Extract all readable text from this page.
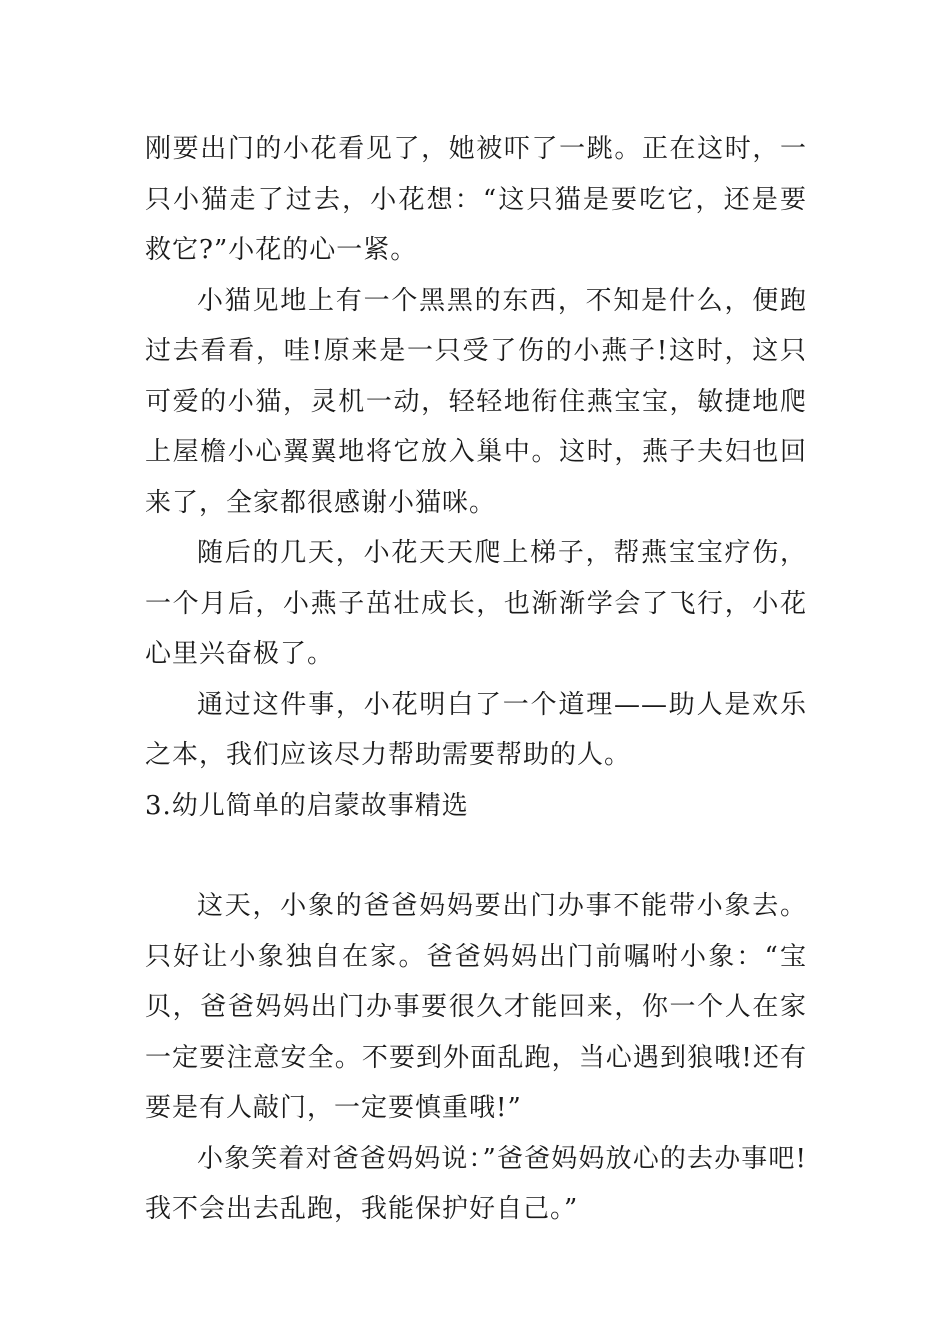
刚要出门的小花看见了，她被吓了一跳。正在这时，一只小猫走了过去，小花想：“这只猫是要吃它，还是要救它?”小花的心一紧。

小猫见地上有一个黑黑的东西，不知是什么，便跑过去看看，哇!原来是一只受了伤的小燕子!这时，这只可爱的小猫，灵机一动，轻轻地衔住燕宝宝，敏捷地爬上屋檐小心翼翼地将它放入巢中。这时，燕子夫妇也回来了，全家都很感谢小猫咪。

随后的几天，小花天天爬上梯子，帮燕宝宝疗伤，一个月后，小燕子茁壮成长，也渐渐学会了飞行，小花心里兴奋极了。

通过这件事，小花明白了一个道理——助人是欢乐之本，我们应该尽力帮助需要帮助的人。

3.幼儿简单的启蒙故事精选

这天，小象的爸爸妈妈要出门办事不能带小象去。只好让小象独自在家。爸爸妈妈出门前嘱咐小象：“宝贝，爸爸妈妈出门办事要很久才能回来，你一个人在家一定要注意安全。不要到外面乱跑，当心遇到狼哦!还有要是有人敲门，一定要慎重哦!”

小象笑着对爸爸妈妈说：”爸爸妈妈放心的去办事吧!我不会出去乱跑，我能保护好自己。”
